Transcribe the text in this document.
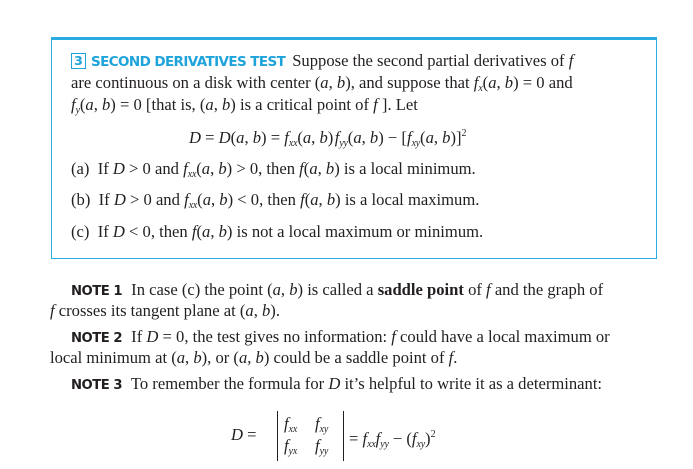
3 SECOND DERIVATIVES TEST Suppose the second partial derivatives of f
are continuous on a disk with center (a, b), and suppose that $f_x(a$, b) = 0 and
$f_y(a$, b) = 0 [that is, (a, b) is a critical point of f ]. Let
D = D(a, $b) = f_{xx}(a$, b) $f_{yy}(a$, $b) - [f_{xy}(a$, b)]$^2$
(a)  If D > 0 and $f_{xx}(a$, b) > 0, then f(a, b) is a local minimum.
(b)  If D > 0 and $f_{xx}(a$, b) < 0, then f(a, b) is a local maximum.
(c)  If D < 0, then f(a, b) is not a local maximum or minimum.
NOTE 1 In case (c) the point (a, b) is called a saddle point of f and the graph of
f crosses its tangent plane at (a, b).
NOTE 2 If D = 0, the test gives no information: f could have a local maximum or
local minimum at (a, b), or (a, b) could be a saddle point of f.
NOTE 3 To remember the formula for D it’s helpful to write it as a determinant:
D =
$f_{xx}$ $f_{xy}$
$f_{yx}$ $f_{yy}$
= $f_{xx}f_{yy} - (f_{xy})^2$
